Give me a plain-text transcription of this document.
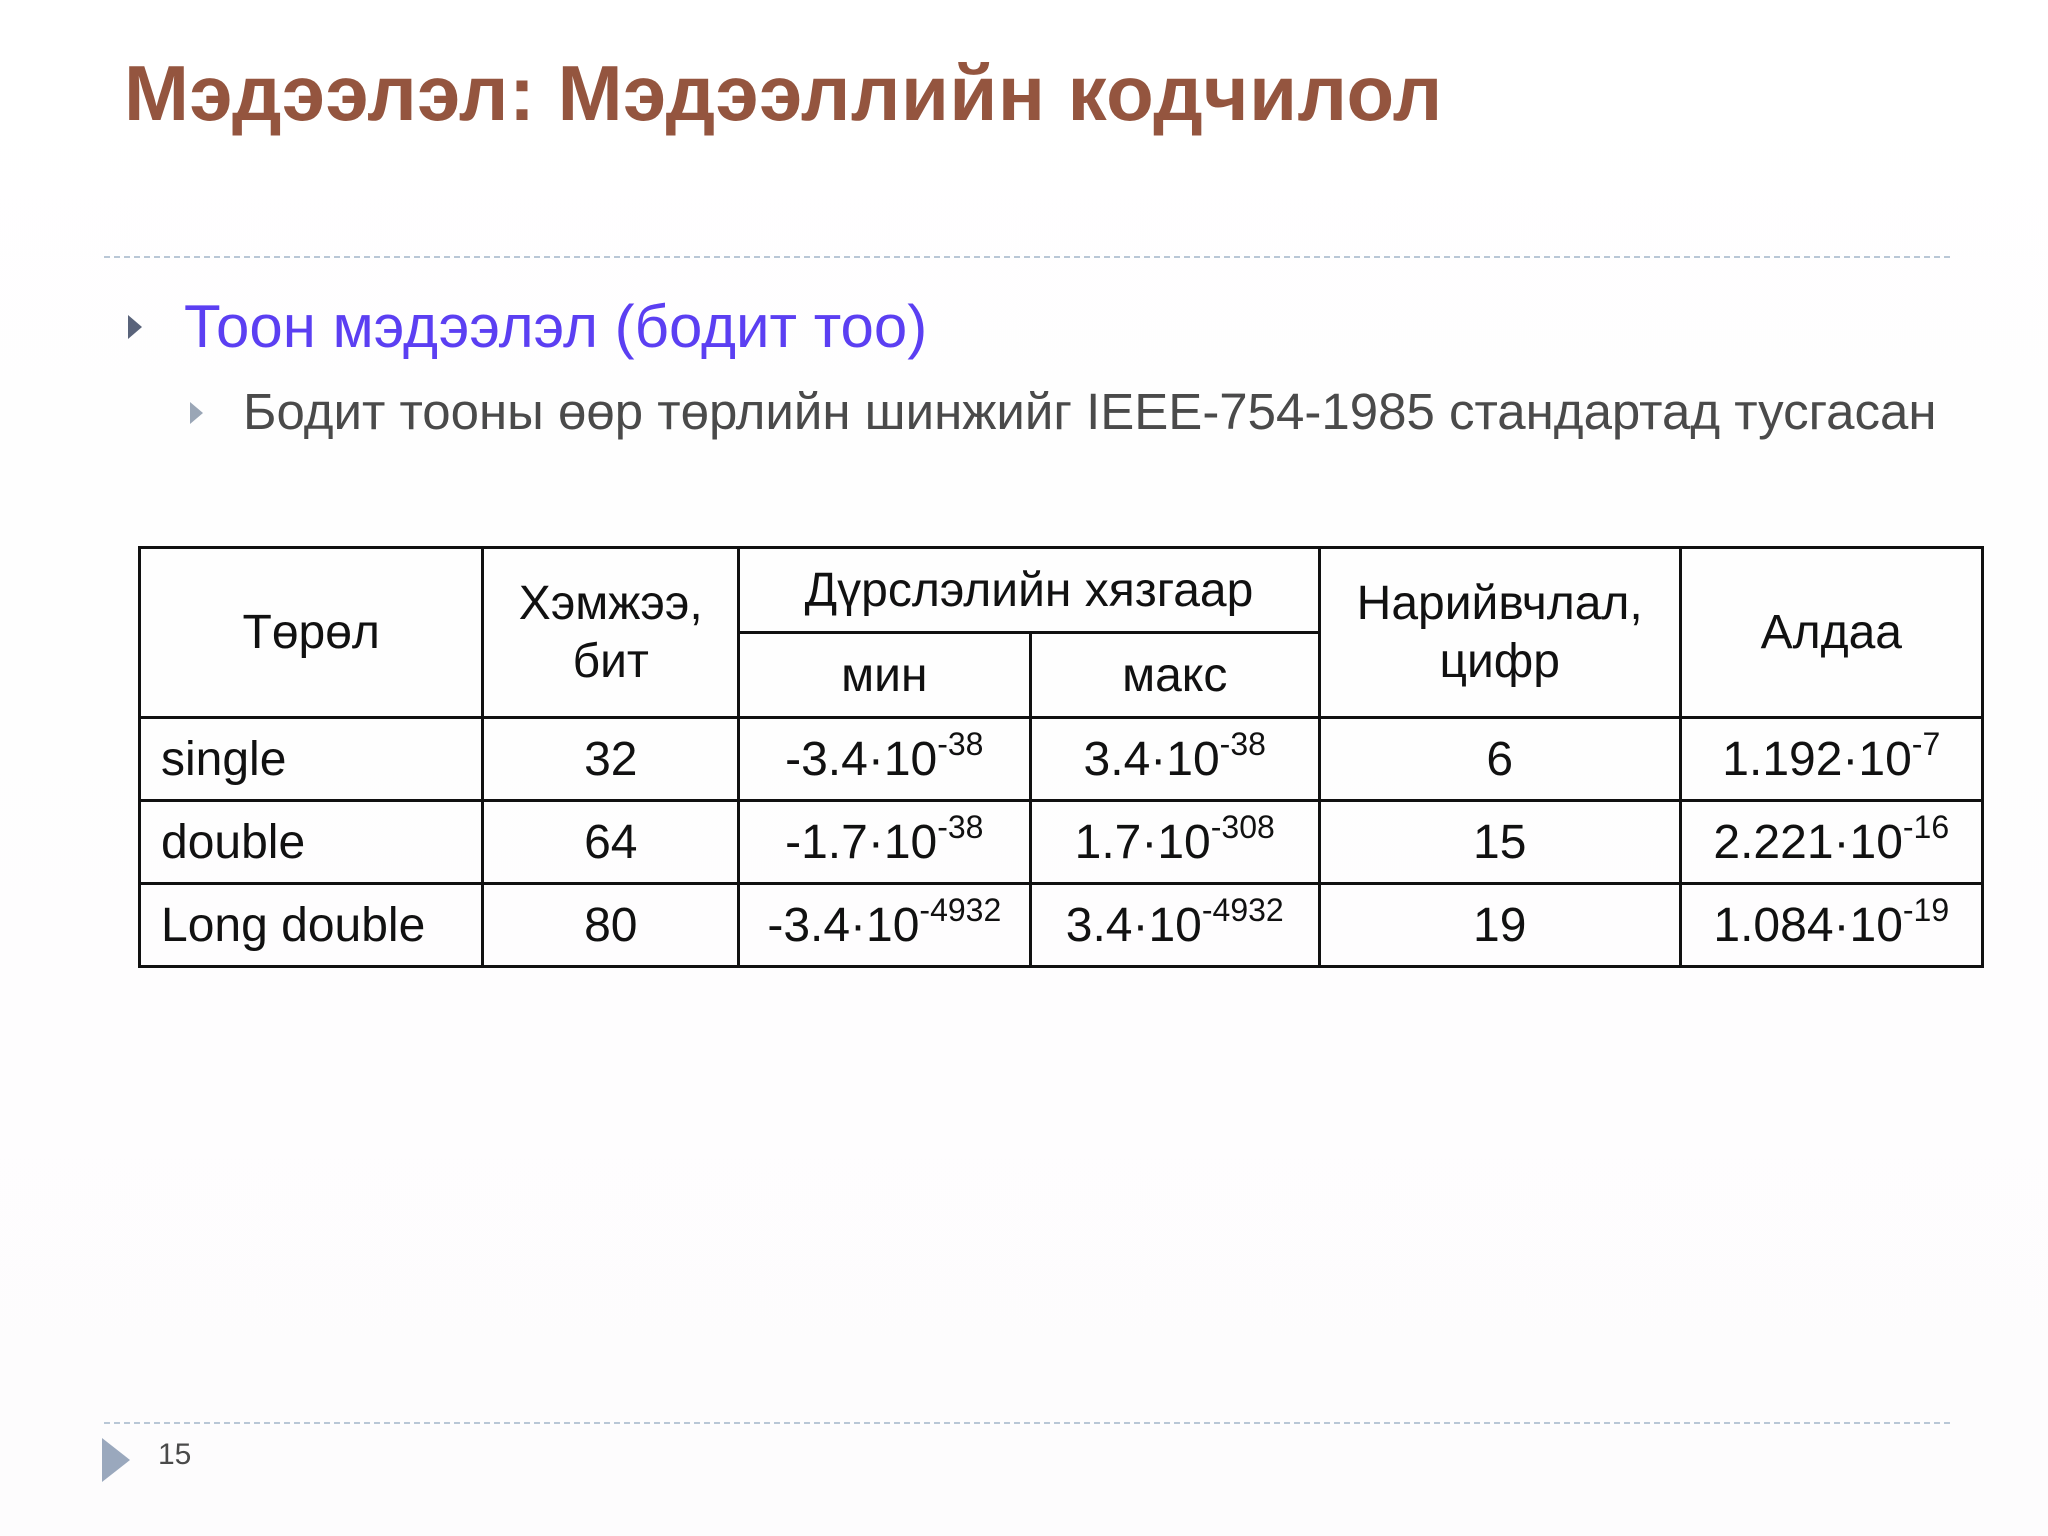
Мэдээлэл: Мэдээллийн кодчилол
Тоон мэдээлэл (бодит тоо)
Бодит тооны өөр төрлийн шинжийг IEEE-754-1985 стандартад тусгасан
Төрөл	Хэмжээ, бит	Дүрслэлийн хязгаар		Нарийвчлал, цифр	Алдаа
		мин	макс		
single	32	$-3.4\cdot 10^{-38}$	$3.4\cdot 10^{-38}$	6	$1.192\cdot 10^{-7}$
double	64	$-1.7\cdot 10^{-38}$	$1.7\cdot 10^{-308}$	15	$2.221\cdot 10^{-16}$
Long double	80	$-3.4\cdot 10^{-4932}$	$3.4\cdot 10^{-4932}$	19	$1.084\cdot 10^{-19}$
15
